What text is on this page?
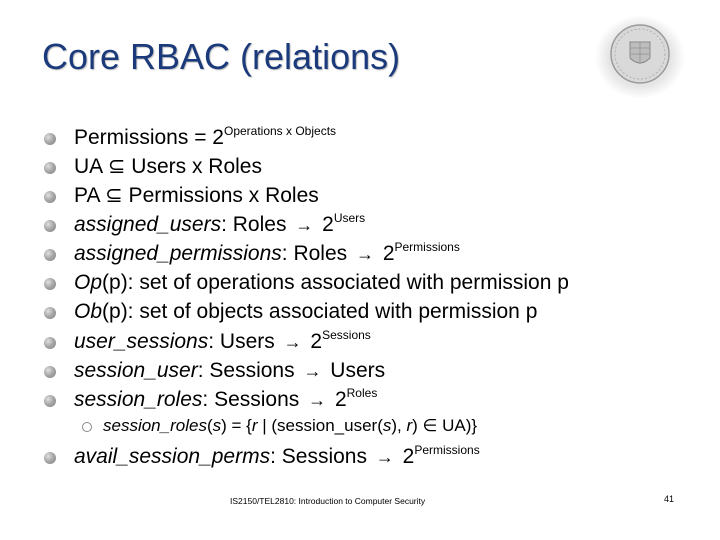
Core RBAC (relations)
Permissions = $2^{Operations x Objects}$
UA ⊆ Users x Roles
PA ⊆ Permissions x Roles
assigned_users: Roles → $2^{Users}$
assigned_permissions: Roles → $2^{Permissions}$
Op(p): set of operations associated with permission p
Ob(p): set of objects associated with permission p
user_sessions: Users → $2^{Sessions}$
session_user: Sessions → Users
session_roles: Sessions → $2^{Roles}$
session_roles(s) = {r | (session_user(s), r) ∈ UA)}
avail_session_perms: Sessions → $2^{Permissions}$
IS2150/TEL2810: Introduction to Computer Security	41
